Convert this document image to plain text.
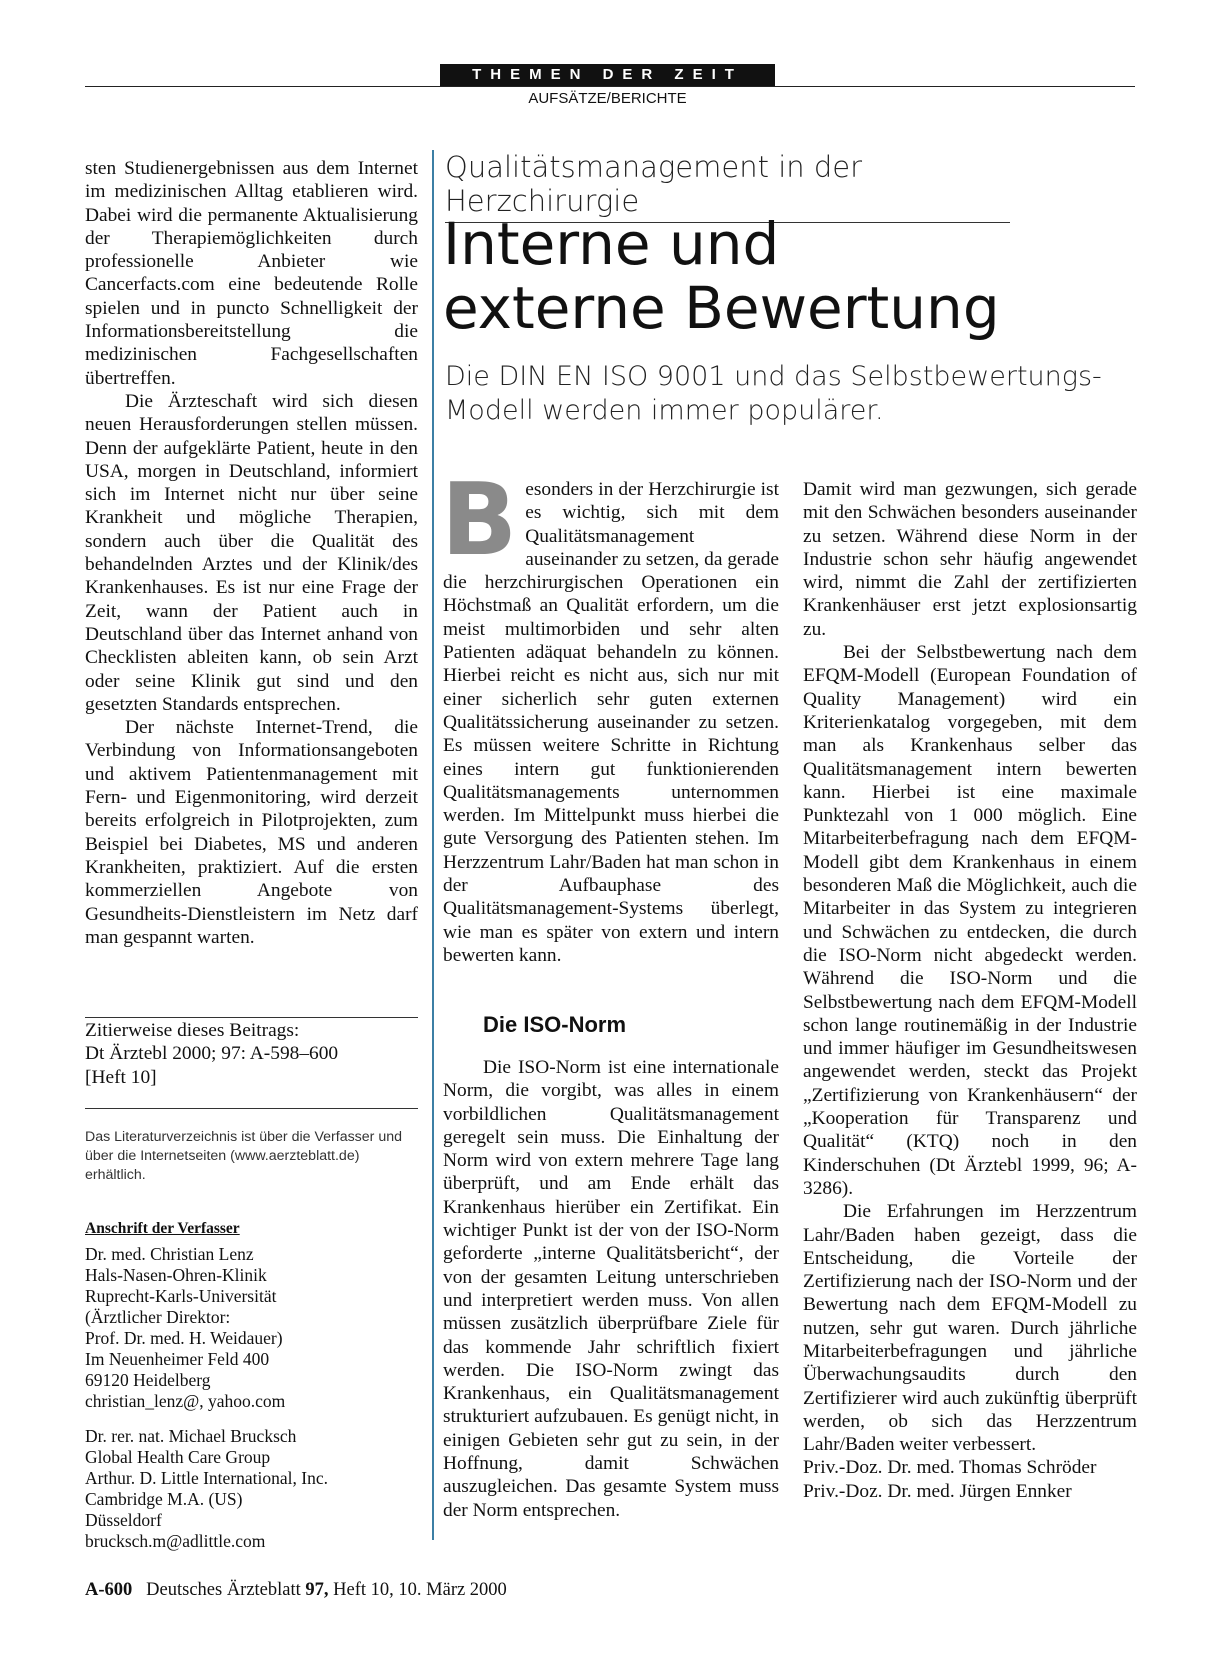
THEMEN DER ZEIT
AUFSÄTZE/BERICHTE

sten Studienergebnissen aus dem Internet im medizinischen Alltag etablieren wird. Dabei wird die permanente Aktualisierung der Therapiemöglichkeiten durch professionelle Anbieter wie Cancerfacts.com eine bedeutende Rolle spielen und in puncto Schnelligkeit der Informationsbereitstellung die medizinischen Fachgesellschaften übertreffen.

Die Ärzteschaft wird sich diesen neuen Herausforderungen stellen müssen. Denn der aufgeklärte Patient, heute in den USA, morgen in Deutschland, informiert sich im Internet nicht nur über seine Krankheit und mögliche Therapien, sondern auch über die Qualität des behandelnden Arztes und der Klinik/des Krankenhauses. Es ist nur eine Frage der Zeit, wann der Patient auch in Deutschland über das Internet anhand von Checklisten ableiten kann, ob sein Arzt oder seine Klinik gut sind und den gesetzten Standards entsprechen.

Der nächste Internet-Trend, die Verbindung von Informationsangeboten und aktivem Patientenmanagement mit Fern- und Eigenmonitoring, wird derzeit bereits erfolgreich in Pilotprojekten, zum Beispiel bei Diabetes, MS und anderen Krankheiten, praktiziert. Auf die ersten kommerziellen Angebote von Gesundheits-Dienstleistern im Netz darf man gespannt warten.

Zitierweise dieses Beitrags:
Dt Ärztebl 2000; 97: A-598–600
[Heft 10]
Das Literaturverzeichnis ist über die Verfasser und über die Internetseiten (www.aerzteblatt.de) erhältlich.
Anschrift der Verfasser
Dr. med. Christian Lenz
Hals-Nasen-Ohren-Klinik
Ruprecht-Karls-Universität
(Ärztlicher Direktor:
Prof. Dr. med. H. Weidauer)
Im Neuenheimer Feld 400
69120 Heidelberg
christian_lenz@, yahoo.com
Dr. rer. nat. Michael Brucksch
Global Health Care Group
Arthur. D. Little International, Inc.
Cambridge M.A. (US)
Düsseldorf
brucksch.m@adlittle.com
Qualitätsmanagement in der Herzchirurgie
Interne und
externe Bewertung
Die DIN EN ISO 9001 und das Selbstbewertungs-Modell werden immer populärer.

B esonders in der Herzchirurgie ist es wichtig, sich mit dem Qualitätsmanagement auseinander zu setzen, da gerade die herzchirurgischen Operationen ein Höchstmaß an Qualität erfordern, um die meist multimorbiden und sehr alten Patienten adäquat behandeln zu können. Hierbei reicht es nicht aus, sich nur mit einer sicherlich sehr guten externen Qualitätssicherung auseinander zu setzen. Es müssen weitere Schritte in Richtung eines intern gut funktionierenden Qualitätsmanagements unternommen werden. Im Mittelpunkt muss hierbei die gute Versorgung des Patienten stehen. Im Herzzentrum Lahr/Baden hat man schon in der Aufbauphase des Qualitätsmanagement-Systems überlegt, wie man es später von extern und intern bewerten kann.

Die ISO-Norm

Die ISO-Norm ist eine internationale Norm, die vorgibt, was alles in einem vorbildlichen Qualitätsmanagement geregelt sein muss. Die Einhaltung der Norm wird von extern mehrere Tage lang überprüft, und am Ende erhält das Krankenhaus hierüber ein Zertifikat. Ein wichtiger Punkt ist der von der ISO-Norm geforderte „interne Qualitätsbericht“, der von der gesamten Leitung unterschrieben und interpretiert werden muss. Von allen müssen zusätzlich überprüfbare Ziele für das kommende Jahr schriftlich fixiert werden. Die ISO-Norm zwingt das Krankenhaus, ein Qualitätsmanagement strukturiert aufzubauen. Es genügt nicht, in einigen Gebieten sehr gut zu sein, in der Hoffnung, damit Schwächen auszugleichen. Das gesamte System muss der Norm entsprechen.

Damit wird man gezwungen, sich gerade mit den Schwächen besonders auseinander zu setzen. Während diese Norm in der Industrie schon sehr häufig angewendet wird, nimmt die Zahl der zertifizierten Krankenhäuser erst jetzt explosionsartig zu.

Bei der Selbstbewertung nach dem EFQM-Modell (European Foundation of Quality Management) wird ein Kriterienkatalog vorgegeben, mit dem man als Krankenhaus selber das Qualitätsmanagement intern bewerten kann. Hierbei ist eine maximale Punktezahl von 1 000 möglich. Eine Mitarbeiterbefragung nach dem EFQM-Modell gibt dem Krankenhaus in einem besonderen Maß die Möglichkeit, auch die Mitarbeiter in das System zu integrieren und Schwächen zu entdecken, die durch die ISO-Norm nicht abgedeckt werden. Während die ISO-Norm und die Selbstbewertung nach dem EFQM-Modell schon lange routinemäßig in der Industrie und immer häufiger im Gesundheitswesen angewendet werden, steckt das Projekt „Zertifizierung von Krankenhäusern“ der „Kooperation für Transparenz und Qualität“ (KTQ) noch in den Kinderschuhen (Dt Ärztebl 1999, 96; A-3286).

Die Erfahrungen im Herzzentrum Lahr/Baden haben gezeigt, dass die Entscheidung, die Vorteile der Zertifizierung nach der ISO-Norm und der Bewertung nach dem EFQM-Modell zu nutzen, sehr gut waren. Durch jährliche Mitarbeiterbefragungen und jährliche Überwachungsaudits durch den Zertifizierer wird auch zukünftig überprüft werden, ob sich das Herzzentrum Lahr/Baden weiter verbessert.

Priv.-Doz. Dr. med. Thomas Schröder

Priv.-Doz. Dr. med. Jürgen Ennker

A-600 Deutsches Ärzteblatt 97, Heft 10, 10. März 2000
